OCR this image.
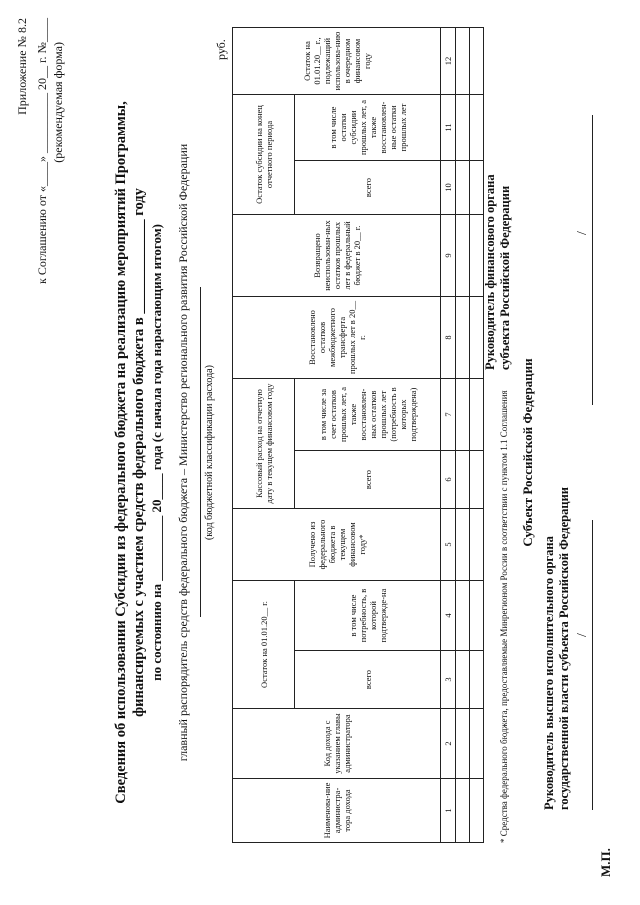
Приложение № 8.2 к Соглашению от «____» __________ 20__ г. №____ (рекомендуемая форма)	Сведения об использовании Субсидии из федерального бюджета на реализацию мероприятий Программы, финансируемых с участием средств федерального бюджета в _____________ году по состоянию на __________ 20____ года (с начала года нарастающим итогом) главный распорядитель средств федерального бюджета – Министерство регионального развития Российской Федерации (код бюджетной классификации расхода)
руб.
Наименова-ние администра-тора дохода	Код дохода с указанием главы администратора	Остаток на 01.01.20__ г.		Получено из федерального бюджета в текущем финансовом году*	Кассовый расход на отчетную дату в текущем финансовом году		Восстановлено остатков межбюджетного трансферта прошлых лет в 20__ г.	Возвращено неиспользован-ных остатков прошлых лет в федеральный бюджет в 20__ г.	Остаток субсидии на конец отчетного периода		Остаток на 01.01.20__ г., подлежащий использова-нию в очередном финансовом году
		всего	в том числе потребность, в которой подтвержде-на		всего	в том числе за счет остатков прошлых лет, а также восстановлен-ных остатков прошлых лет (потребность в которых подтверждена)			всего	в том числе остатки субсидии прошлых лет, а также восстановлен-ные остатки прошлых лет	
1	2	3	4	5	6	7	8	9	10	11	12

* Средства федерального бюджета, предоставляемые Минрегионом России в соответствии с пунктом 1.1 Соглашения Субъект Российской Федерации
Руководитель высшего исполнительного органа государственной власти субъекта Российской Федерации /
Руководитель финансового органа субъекта Российской Федерации	/
М.П.
